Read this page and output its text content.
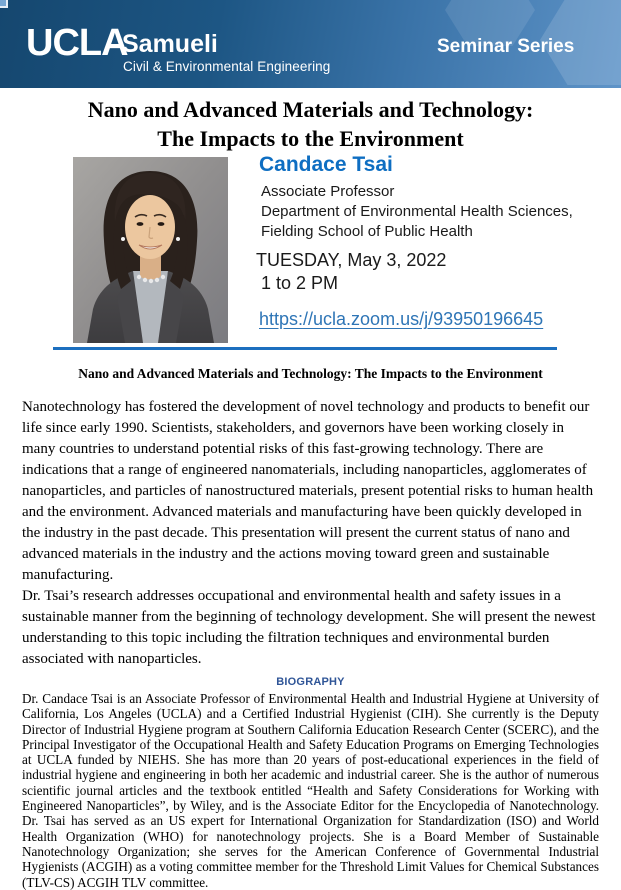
UCLA
Samueli
Civil & Environmental Engineering
Seminar Series
Nano and Advanced Materials and Technology:
The Impacts to the Environment
Candace Tsai
Associate Professor
Department of Environmental Health Sciences,
Fielding School of Public Health
TUESDAY, May 3, 2022
1 to 2 PM
https://ucla.zoom.us/j/93950196645
Nano and Advanced Materials and Technology: The Impacts to the Environment
Nanotechnology has fostered the development of novel technology and products to benefit our life since early 1990. Scientists, stakeholders, and governors have been working closely in many countries to understand potential risks of this fast-growing technology. There are indications that a range of engineered nanomaterials, including nanoparticles, agglomerates of nanoparticles, and particles of nanostructured materials, present potential risks to human health and the environment. Advanced materials and manufacturing have been quickly developed in the industry in the past decade. This presentation will present the current status of nano and advanced materials in the industry and the actions moving toward green and sustainable manufacturing.
Dr. Tsai’s research addresses occupational and environmental health and safety issues in a sustainable manner from the beginning of technology development. She will present the newest understanding to this topic including the filtration techniques and environmental burden associated with nanoparticles.
BIOGRAPHY
Dr. Candace Tsai is an Associate Professor of Environmental Health and Industrial Hygiene at University of California, Los Angeles (UCLA) and a Certified Industrial Hygienist (CIH). She currently is the Deputy Director of Industrial Hygiene program at Southern California Education Research Center (SCERC), and the Principal Investigator of the Occupational Health and Safety Education Programs on Emerging Technologies at UCLA funded by NIEHS. She has more than 20 years of post-educational experiences in the field of industrial hygiene and engineering in both her academic and industrial career. She is the author of numerous scientific journal articles and the textbook entitled “Health and Safety Considerations for Working with Engineered Nanoparticles”, by Wiley, and is the Associate Editor for the Encyclopedia of Nanotechnology. Dr. Tsai has served as an US expert for International Organization for Standardization (ISO) and World Health Organization (WHO) for nanotechnology projects. She is a Board Member of Sustainable Nanotechnology Organization; she serves for the American Conference of Governmental Industrial Hygienists (ACGIH) as a voting committee member for the Threshold Limit Values for Chemical Substances (TLV-CS) ACGIH TLV committee.
